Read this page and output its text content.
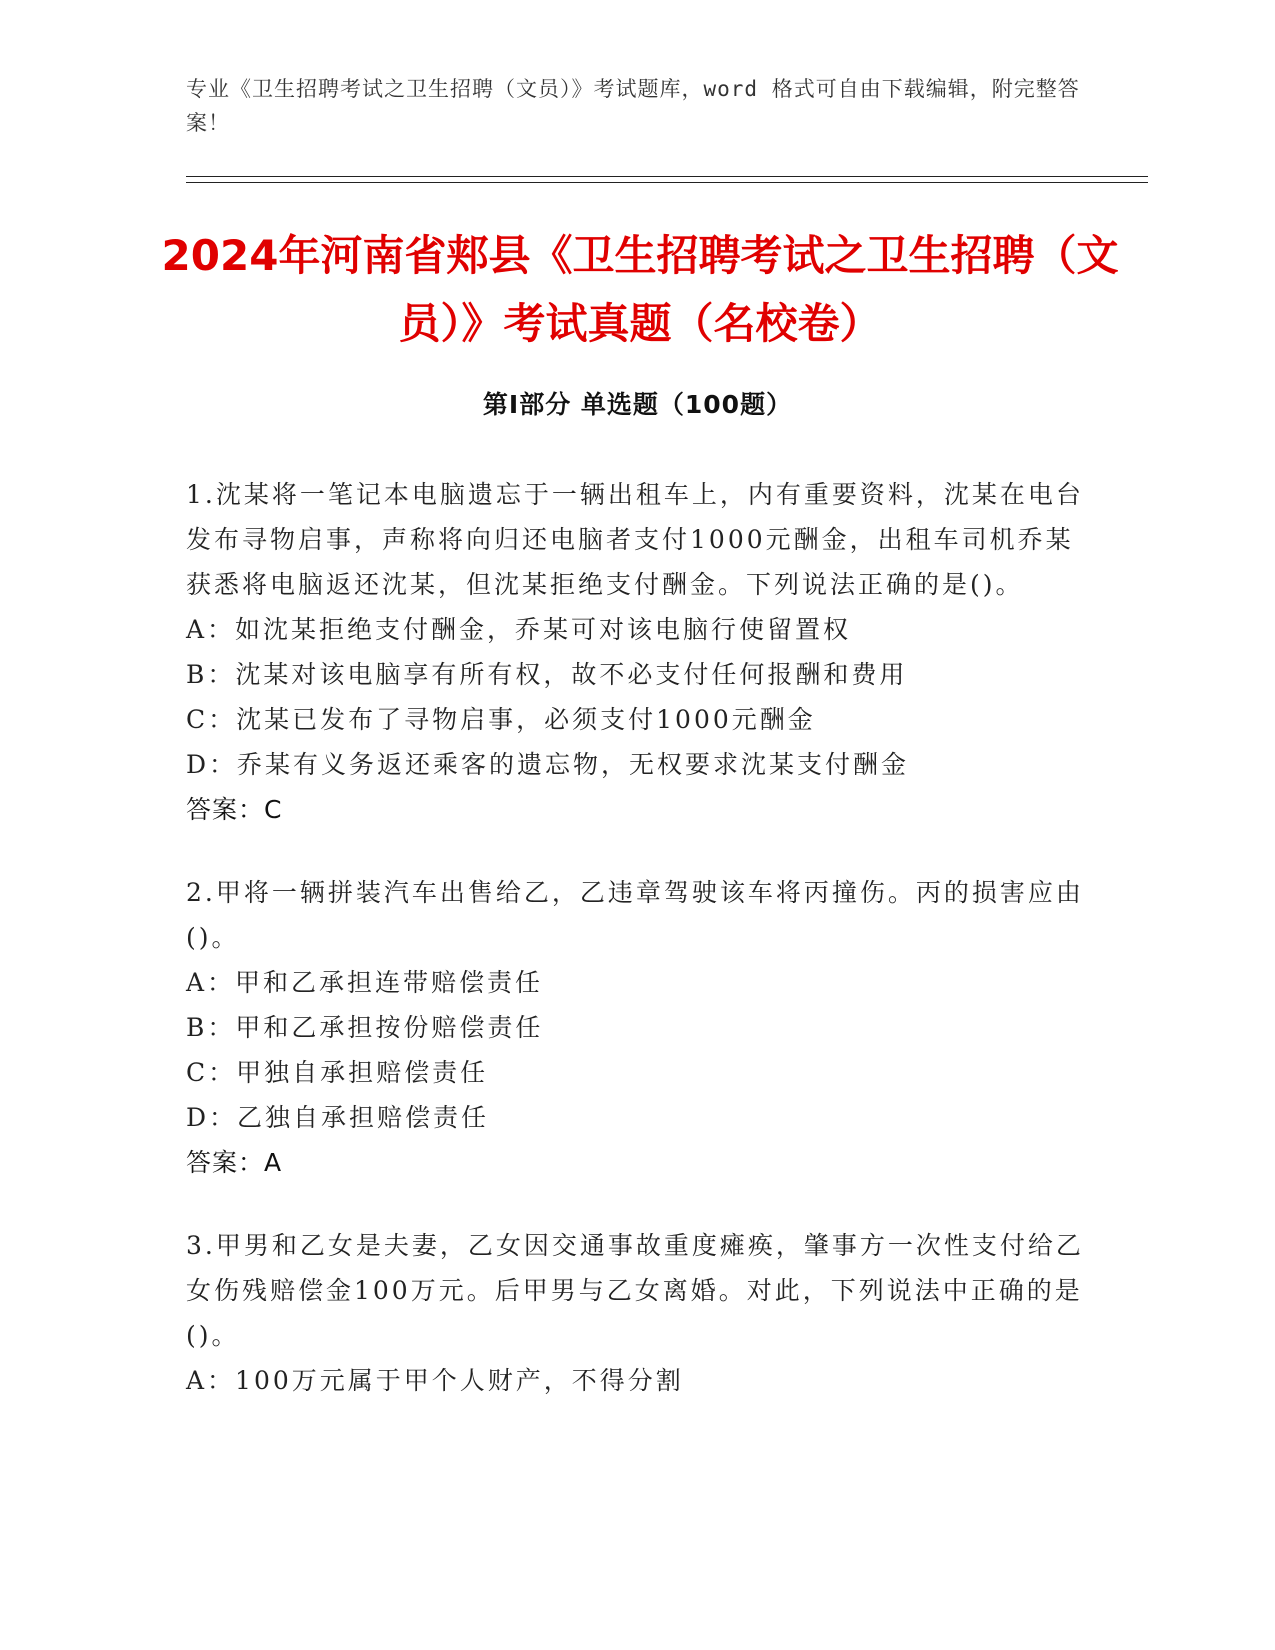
专业《卫生招聘考试之卫生招聘（文员）》考试题库，word 格式可自由下载编辑，附完整答案！
2024年河南省郏县《卫生招聘考试之卫生招聘（文员）》考试真题（名校卷）
第Ⅰ部分 单选题（100题）
1.沈某将一笔记本电脑遗忘于一辆出租车上，内有重要资料，沈某在电台发布寻物启事，声称将向归还电脑者支付1000元酬金，出租车司机乔某获悉将电脑返还沈某，但沈某拒绝支付酬金。下列说法正确的是()。
A：如沈某拒绝支付酬金，乔某可对该电脑行使留置权
B：沈某对该电脑享有所有权，故不必支付任何报酬和费用
C：沈某已发布了寻物启事，必须支付1000元酬金
D：乔某有义务返还乘客的遗忘物，无权要求沈某支付酬金
答案：C
2.甲将一辆拼装汽车出售给乙，乙违章驾驶该车将丙撞伤。丙的损害应由()。
A：甲和乙承担连带赔偿责任
B：甲和乙承担按份赔偿责任
C：甲独自承担赔偿责任
D：乙独自承担赔偿责任
答案：A
3.甲男和乙女是夫妻，乙女因交通事故重度瘫痪，肇事方一次性支付给乙女伤残赔偿金100万元。后甲男与乙女离婚。对此，下列说法中正确的是()。
A：100万元属于甲个人财产，不得分割
